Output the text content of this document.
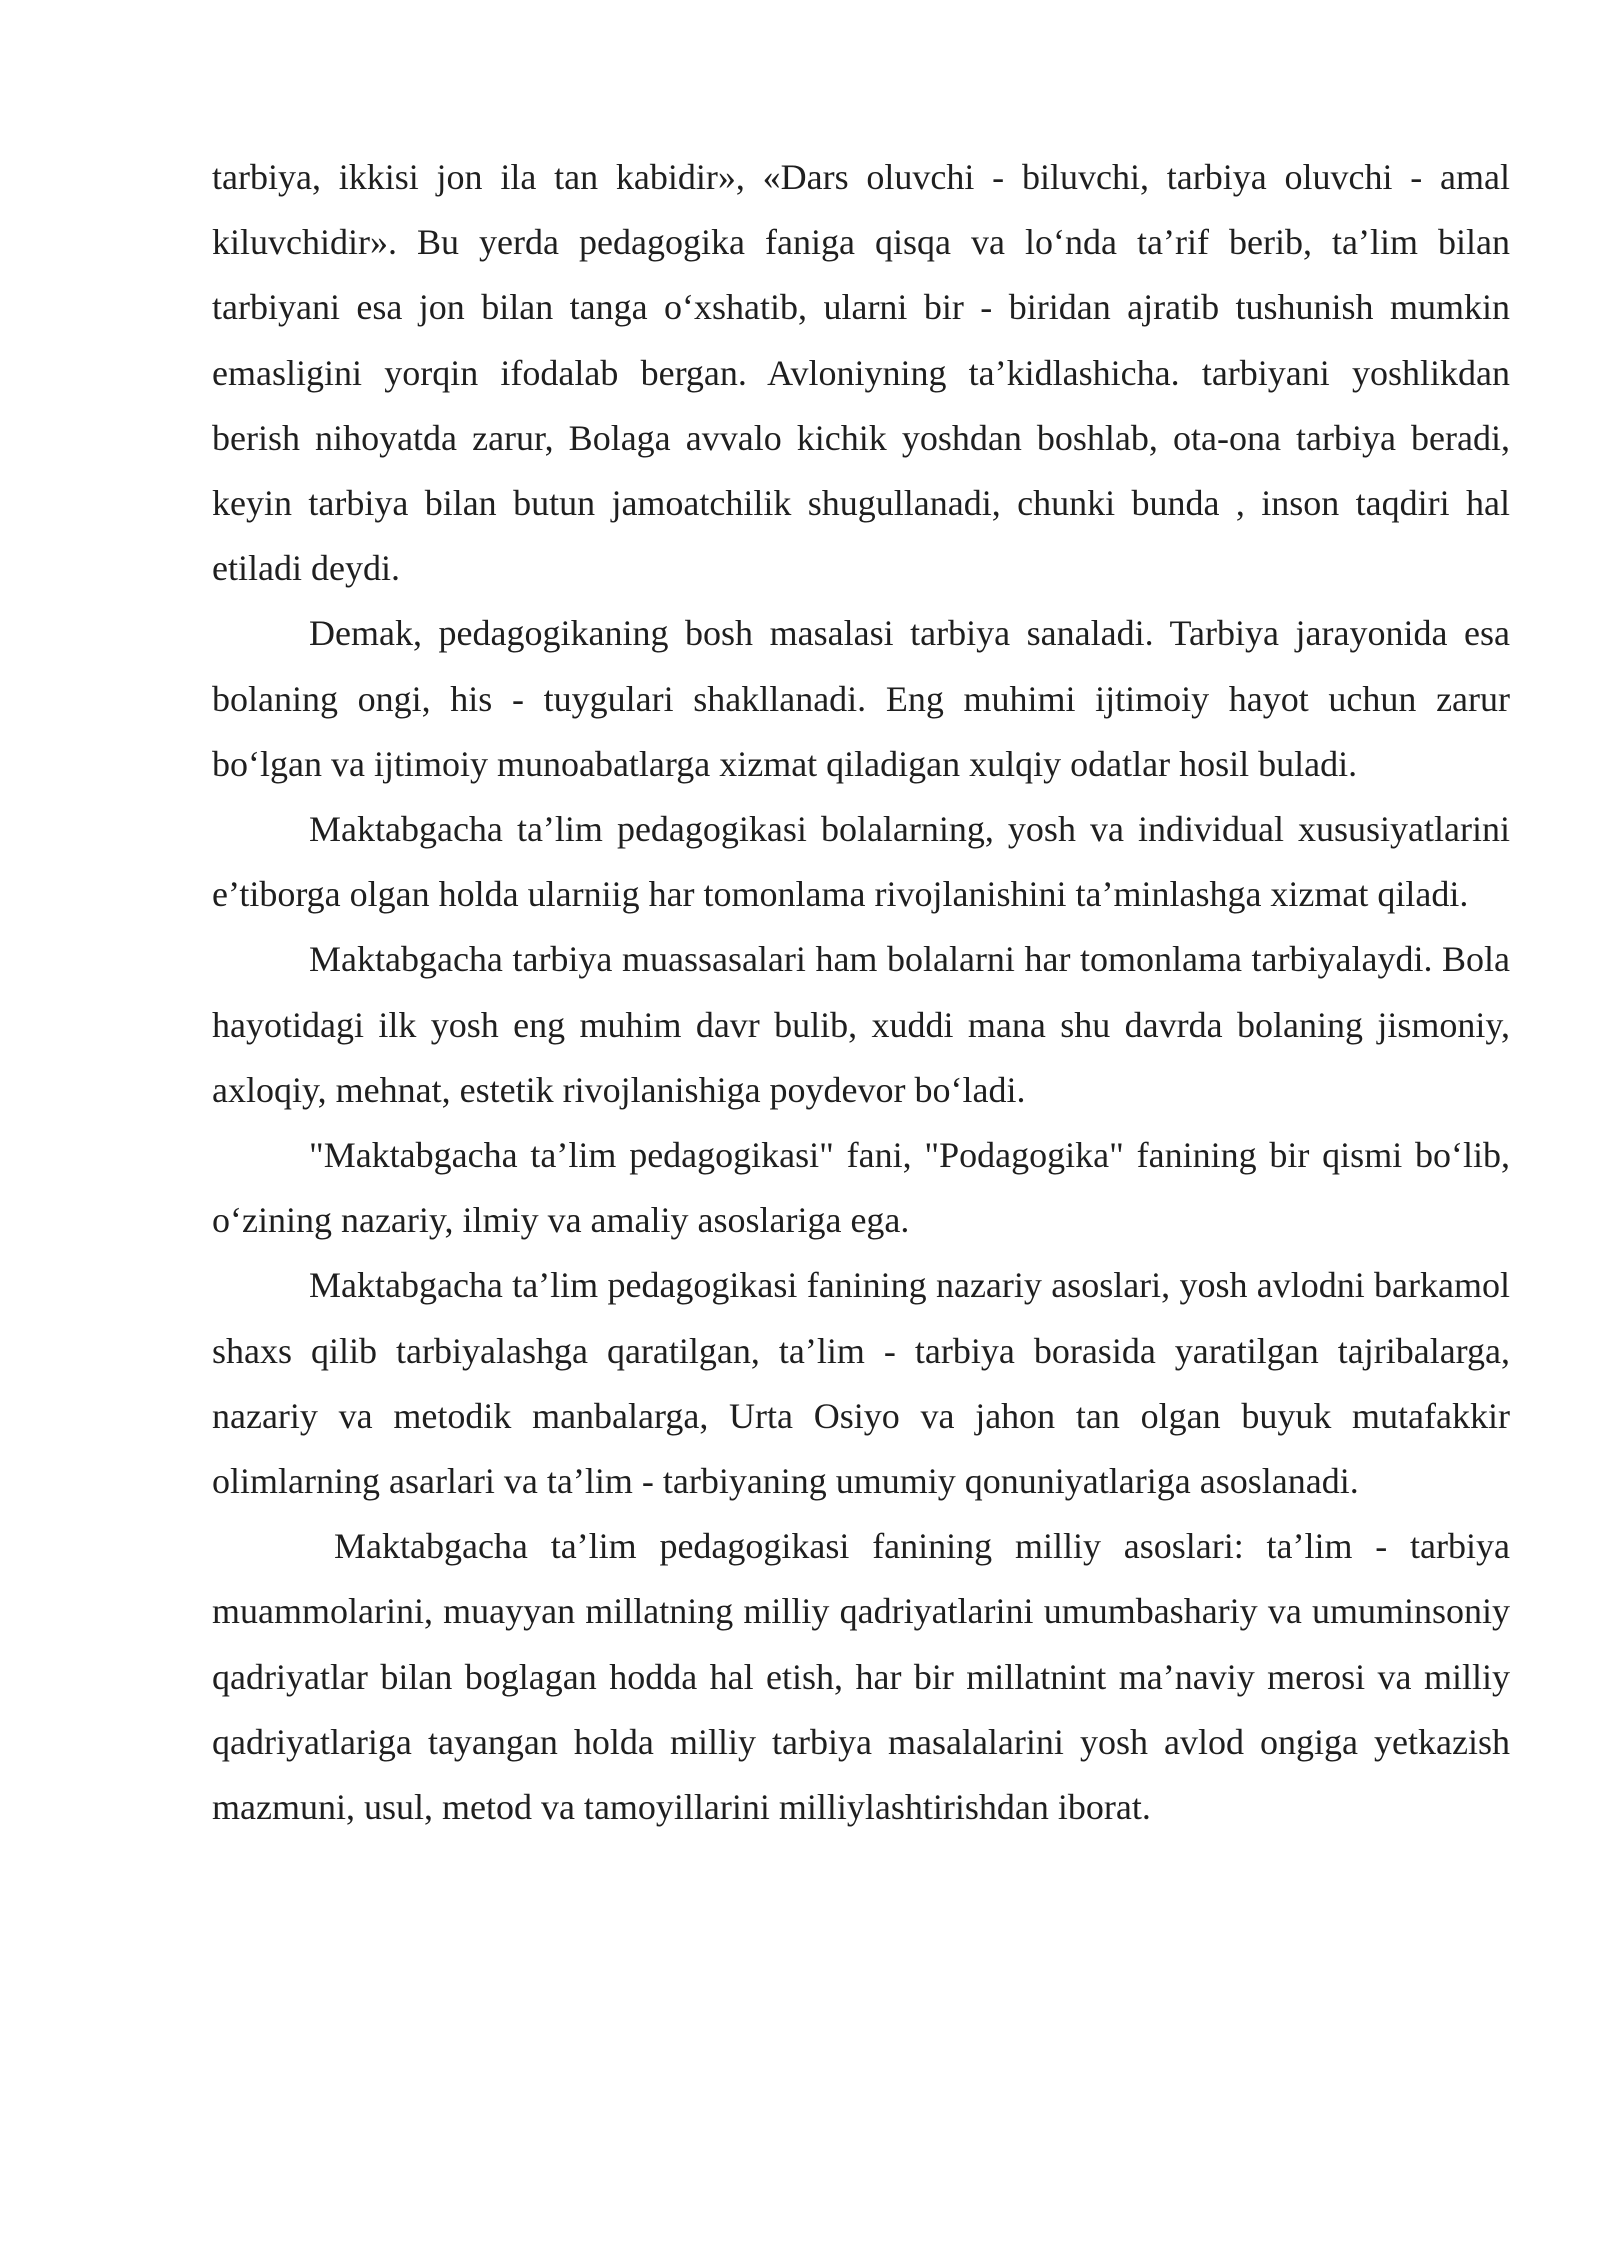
tarbiya, ikkisi jon ila tan kabidir», «Dars oluvchi - biluvchi, tarbiya oluvchi - amal kiluvchidir». Bu yerda pedagogika faniga qisqa va lo‘nda ta’rif berib, ta’lim bilan tarbiyani esa jon bilan tanga o‘xshatib, ularni bir - biridan ajratib tushunish mumkin emasligini yorqin ifodalab bergan. Avloniyning ta’kidlashicha. tarbiyani yoshlikdan berish nihoyatda zarur, Bolaga avvalo kichik yoshdan boshlab, ota-ona tarbiya beradi, keyin tarbiya bilan butun jamoatchilik shugullanadi, chunki bunda , inson taqdiri hal etiladi deydi.

Demak, pedagogikaning bosh masalasi tarbiya sanaladi. Tarbiya jarayonida esa bolaning ongi, his - tuygulari shakllanadi. Eng muhimi ijtimoiy hayot uchun zarur bo‘lgan va ijtimoiy munoabatlarga xizmat qiladigan xulqiy odatlar hosil buladi.

Maktabgacha ta’lim pedagogikasi bolalarning, yosh va individual xususiyatlarini e’tiborga olgan holda ularniig har tomonlama rivojlanishini ta’minlashga xizmat qiladi.

Maktabgacha tarbiya muassasalari ham bolalarni har tomonlama tarbiyalaydi. Bola hayotidagi ilk yosh eng muhim davr bulib, xuddi mana shu davrda bolaning jismoniy, axloqiy, mehnat, estetik rivojlanishiga poydevor bo‘ladi.

"Maktabgacha ta’lim pedagogikasi" fani, "Podagogika" fanining bir qismi bo‘lib, o‘zining nazariy, ilmiy va amaliy asoslariga ega.

Maktabgacha ta’lim pedagogikasi fanining nazariy asoslari, yosh avlodni barkamol shaxs qilib tarbiyalashga qaratilgan, ta’lim - tarbiya borasida yaratilgan tajribalarga, nazariy va metodik manbalarga, Urta Osiyo va jahon tan olgan buyuk mutafakkir olimlarning asarlari va ta’lim - tarbiyaning umumiy qonuniyatlariga asoslanadi.

Maktabgacha ta’lim pedagogikasi fanining milliy asoslari: ta’lim - tarbiya muammolarini, muayyan millatning milliy qadriyatlarini umumbashariy va umuminsoniy qadriyatlar bilan boglagan hodda hal etish, har bir millatnint ma’naviy merosi va milliy qadriyatlariga tayangan holda milliy tarbiya masalalarini yosh avlod ongiga yetkazish mazmuni, usul, metod va tamoyillarini milliylashtirishdan iborat.
